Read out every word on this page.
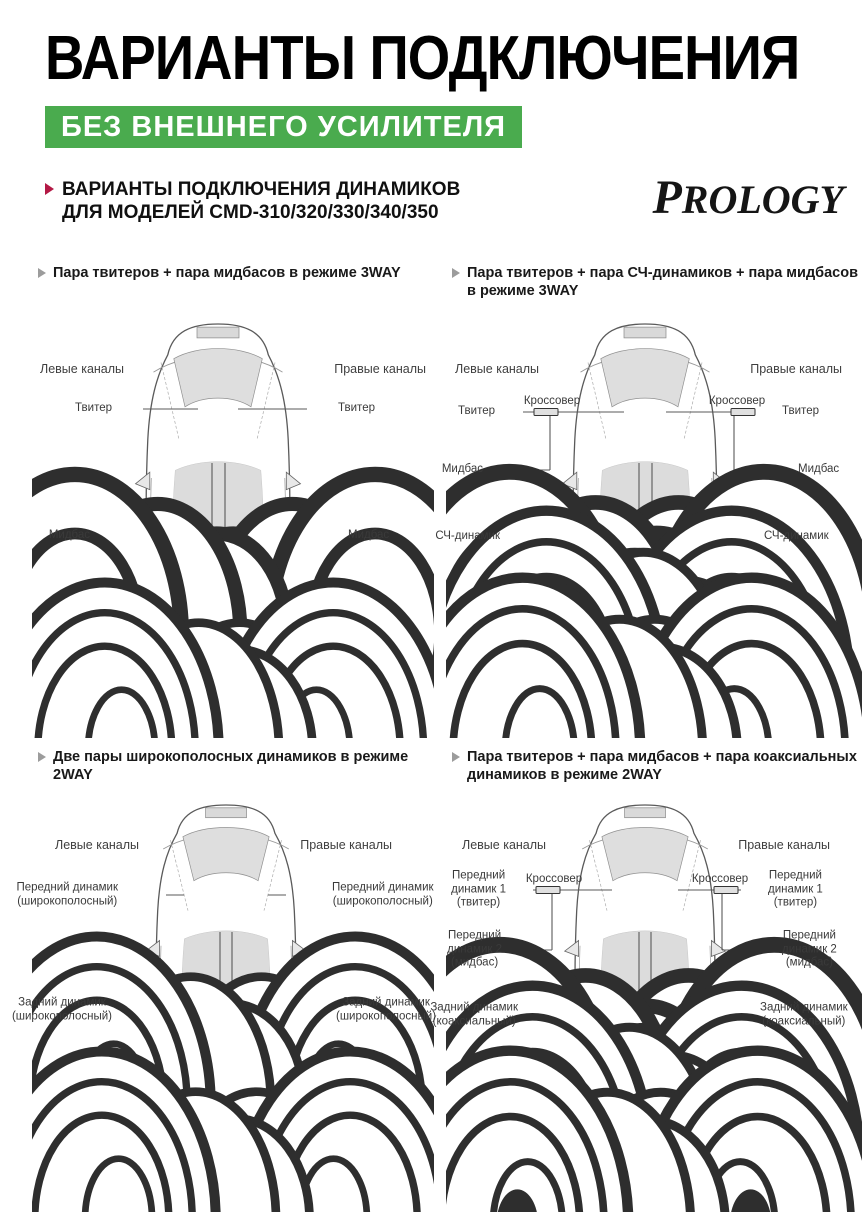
ВАРИАНТЫ ПОДКЛЮЧЕНИЯ
БЕЗ ВНЕШНЕГО УСИЛИТЕЛЯ
ВАРИАНТЫ ПОДКЛЮЧЕНИЯ ДИНАМИКОВ
ДЛЯ МОДЕЛЕЙ CMD-310/320/330/340/350	PROLOGY
Пара твитеров + пара мидбасов в режиме 3WAY
Левые каналы	Правые каналы
Твитер	Твитер
Мидбас	Мидбас
Пара твитеров + пара СЧ-динамиков + пара мидбасов
в режиме 3WAY
Левые каналы	Правые каналы
Твитер	Твитер
Кроссовер	Кроссовер
Мидбас	Мидбас
СЧ-динамик	СЧ-динамик
Две пары широкополосных динамиков в режиме
2WAY
Левые каналы	Правые каналы
Передний динамик
(широкополосный)
Передний динамик
(широкополосный)
Задний динамик
(широкополосный)
Задний динамик
(широкополосный)
Пара твитеров + пара мидбасов + пара коаксиальных
динамиков в режиме 2WAY
Левые каналы	Правые каналы
Передний
динамик 1
(твитер)
Передний
динамик 1
(твитер)
Кроссовер	Кроссовер
Передний
динамик 2
(мидбас)
Передний
динамик 2
(мидбас)
Задний динамик
(коаксиальный)
Задний динамик
(коаксиальный)
